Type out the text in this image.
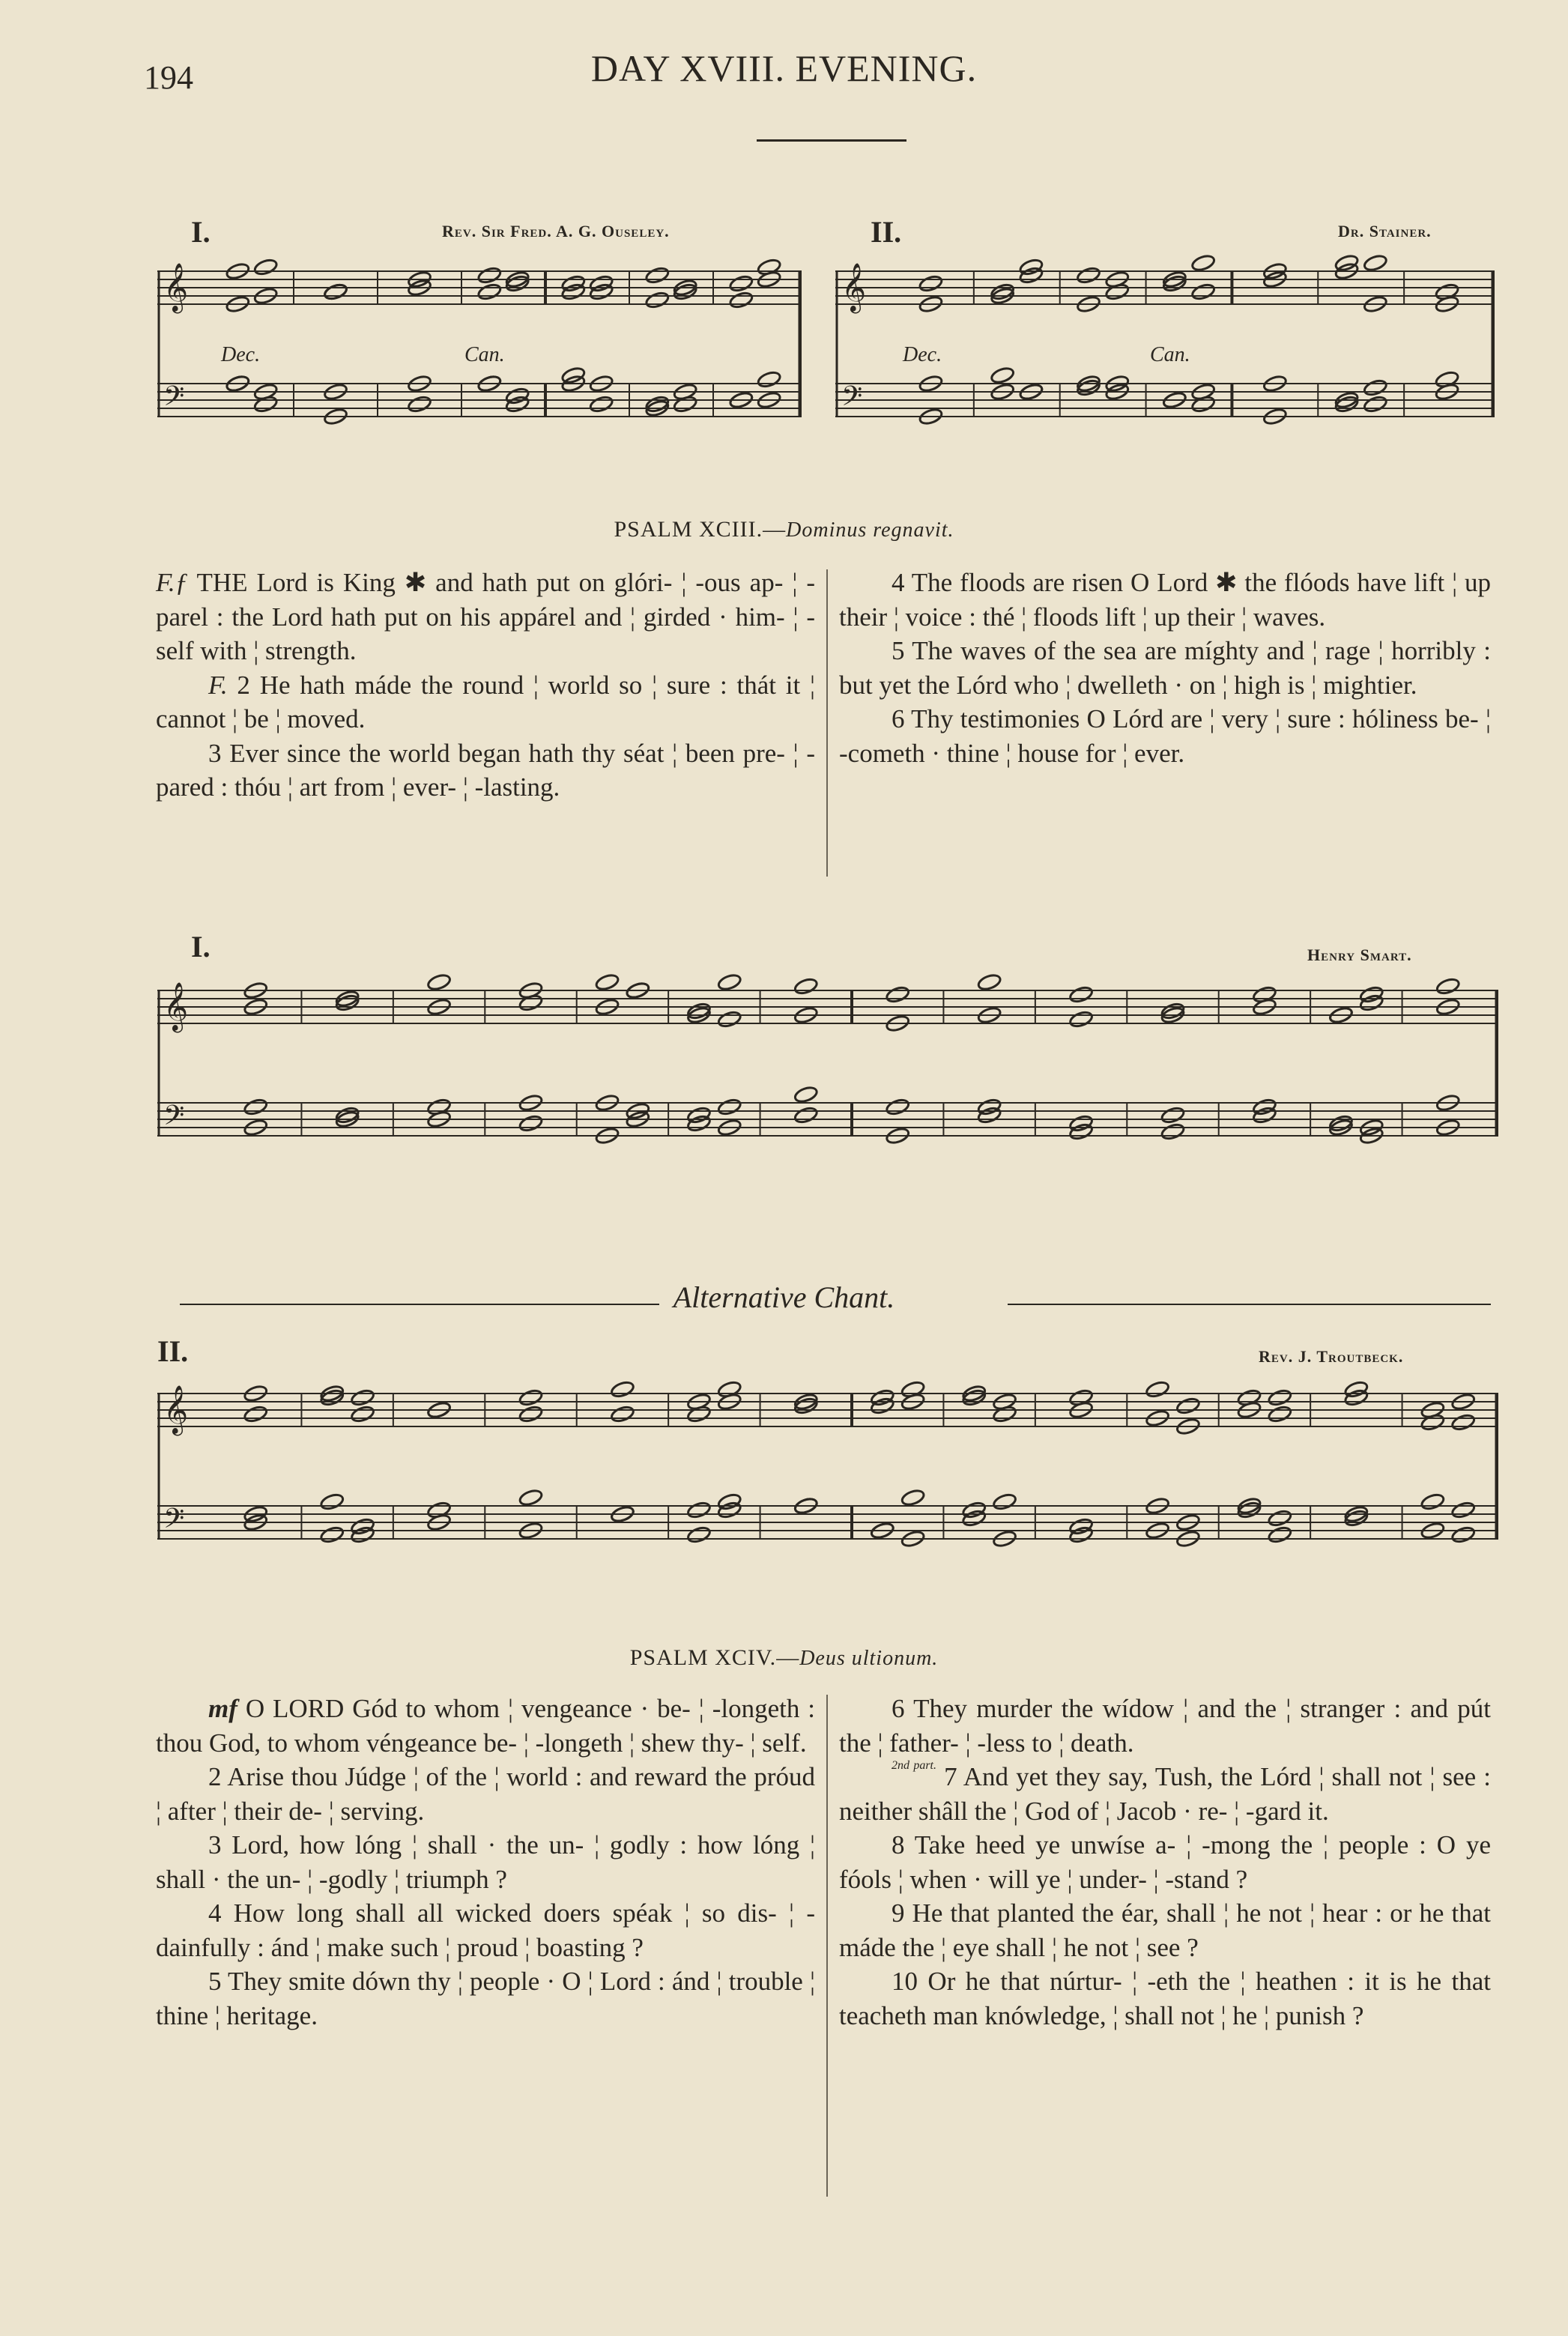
194	DAY XVIII. EVENING.
I.	Rev. Sir Fred. A. G. Ouseley.	II.	Dr. Stainer.
𝄞
𝄢
𝄞
𝄢
Dec.	Can.	Dec.	Can.
PSALM XCIII.—Dominus regnavit.

F.ƒ THE Lord is King ✱ and hath put on glóri- ¦ -ous ap- ¦ -parel : the Lord hath put on his appárel and ¦ girded · him- ¦ -self with ¦ strength.

F. 2 He hath máde the round ¦ world so ¦ sure : thát it ¦ cannot ¦ be ¦ moved.

3 Ever since the world began hath thy séat ¦ been pre- ¦ -pared : thóu ¦ art from ¦ ever- ¦ -lasting.

4 The floods are risen O Lord ✱ the flóods have lift ¦ up their ¦ voice : thé ¦ floods lift ¦ up their ¦ waves.

5 The waves of the sea are míghty and ¦ rage ¦ horribly : but yet the Lórd who ¦ dwelleth · on ¦ high is ¦ mightier.

6 Thy testimonies O Lórd are ¦ very ¦ sure : hóliness be- ¦ -cometh · thine ¦ house for ¦ ever.

I.	Henry Smart.
𝄞
𝄢
Alternative Chant.
II.	Rev. J. Troutbeck.
𝄞
𝄢
PSALM XCIV.—Deus ultionum.

mf O LORD Gód to whom ¦ vengeance · be- ¦ -longeth : thou God, to whom véngeance be- ¦ -longeth ¦ shew thy- ¦ self.

2 Arise thou Júdge ¦ of the ¦ world : and reward the próud ¦ after ¦ their de- ¦ serving.

3 Lord, how lóng ¦ shall · the un- ¦ godly : how lóng ¦ shall · the un- ¦ -godly ¦ triumph ?

4 How long shall all wicked doers spéak ¦ so dis- ¦ -dainfully : ánd ¦ make such ¦ proud ¦ boasting ?

5 They smite dówn thy ¦ people · O ¦ Lord : ánd ¦ trouble ¦ thine ¦ heritage.

6 They murder the wídow ¦ and the ¦ stranger : and pút the ¦ father- ¦ -less to ¦ death.

$^{2nd part.}$ 7 And yet they say, Tush, the Lórd ¦ shall not ¦ see : neither shâll the ¦ God of ¦ Jacob · re- ¦ -gard it.

8 Take heed ye unwíse a- ¦ -mong the ¦ people : O ye fóols ¦ when · will ye ¦ under- ¦ -stand ?

9 He that planted the éar, shall ¦ he not ¦ hear : or he that máde the ¦ eye shall ¦ he not ¦ see ?

10 Or he that núrtur- ¦ -eth the ¦ heathen : it is he that teacheth man knówledge, ¦ shall not ¦ he ¦ punish ?
